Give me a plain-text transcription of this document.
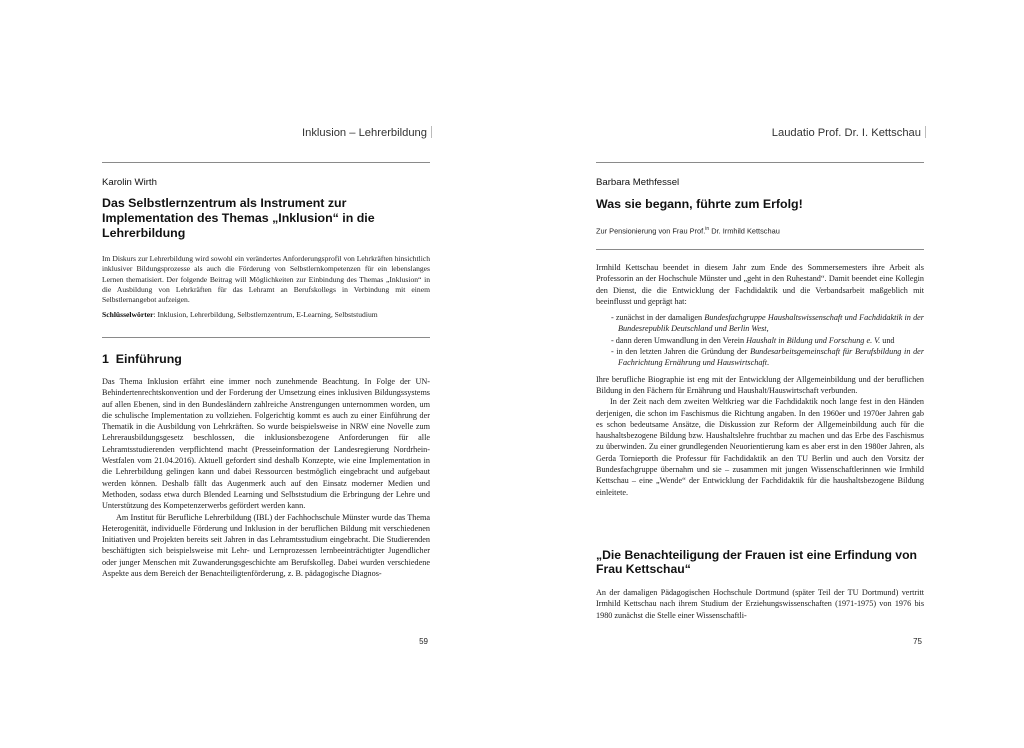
Inklusion – Lehrerbildung
Karolin Wirth
Das Selbstlernzentrum als Instrument zur Implementation des Themas „Inklusion“ in die Lehrerbildung

Im Diskurs zur Lehrerbildung wird sowohl ein verändertes Anforderungsprofil von Lehrkräften hinsichtlich inklusiver Bildungsprozesse als auch die Förderung von Selbstlernkompetenzen für ein lebenslanges Lernen thematisiert. Der folgende Beitrag will Möglichkeiten zur Einbindung des Themas „Inklusion“ in die Ausbildung von Lehrkräften für das Lehramt an Berufskollegs in Verbindung mit einem Selbstlernangebot aufzeigen.

Schlüsselwörter: Inklusion, Lehrerbildung, Selbstlernzentrum, E-Learning, Selbststudium
1  Einführung

Das Thema Inklusion erfährt eine immer noch zunehmende Beachtung. In Folge der UN-Behindertenrechtskonvention und der Forderung der Umsetzung eines inklusiven Bildungssystems auf allen Ebenen, sind in den Bundesländern zahlreiche Anstrengungen unternommen worden, um die schulische Implementation zu vollziehen. Folgerichtig kommt es auch zu einer Einführung der Thematik in die Ausbildung von Lehrkräften. So wurde beispielsweise in NRW eine Novelle zum Lehrerausbildungsgesetz beschlossen, die inklusionsbezogene Anforderungen für alle Lehramtsstudierenden verpflichtend macht (Presseinformation der Landesregierung Nordrhein-Westfalen vom 21.04.2016). Aktuell gefordert sind deshalb Konzepte, wie eine Implementation in die Lehrerbildung gelingen kann und dabei Ressourcen bestmöglich eingebracht und aufgebaut werden können. Deshalb fällt das Augenmerk auch auf den Einsatz moderner Medien und Methoden, sodass etwa durch Blended Learning und Selbststudium die Erbringung der Lehre und Unterstützung des Kompetenzerwerbs gefördert werden kann.

Am Institut für Berufliche Lehrerbildung (IBL) der Fachhochschule Münster wurde das Thema Heterogenität, individuelle Förderung und Inklusion in der beruflichen Bildung mit verschiedenen Initiativen und Projekten bereits seit Jahren in das Lehramtsstudium eingebracht. Die Studierenden beschäftigten sich beispielsweise mit Lehr- und Lernprozessen lernbeeinträchtigter Jugendlicher oder junger Menschen mit Zuwanderungsgeschichte am Berufskolleg. Dabei wurden verschiedene Aspekte aus dem Bereich der Benachteiligtenförderung, z. B. pädagogische Diagnos-

59
Laudatio Prof. Dr. I. Kettschau
Barbara Methfessel
Was sie begann, führte zum Erfolg!
Zur Pensionierung von Frau Prof.$^{in}$ Dr. Irmhild Kettschau

Irmhild Kettschau beendet in diesem Jahr zum Ende des Sommersemesters ihre Arbeit als Professorin an der Hochschule Münster und „geht in den Ruhestand“. Damit beendet eine Kollegin den Dienst, die die Entwicklung der Fachdidaktik und die Verbandsarbeit maßgeblich mit beeinflusst und geprägt hat:

- zunächst in der damaligen Bundesfachgruppe Haushaltswissenschaft und Fachdidaktik in der Bundesrepublik Deutschland und Berlin West,
- dann deren Umwandlung in den Verein Haushalt in Bildung und Forschung e. V. und
- in den letzten Jahren die Gründung der Bundesarbeitsgemeinschaft für Berufsbildung in der Fachrichtung Ernährung und Hauswirtschaft.

Ihre berufliche Biographie ist eng mit der Entwicklung der Allgemeinbildung und der beruflichen Bildung in den Fächern für Ernährung und Haushalt/Hauswirtschaft verbunden.

In der Zeit nach dem zweiten Weltkrieg war die Fachdidaktik noch lange fest in den Händen derjenigen, die schon im Faschismus die Richtung angaben. In den 1960er und 1970er Jahren gab es schon bedeutsame Ansätze, die Diskussion zur Reform der Allgemeinbildung auch für die haushaltsbezogene Bildung bzw. Haushaltslehre fruchtbar zu machen und das Erbe des Faschismus zu überwinden. Zu einer grundlegenden Neuorientierung kam es aber erst in den 1980er Jahren, als Gerda Tornieporth die Professur für Fachdidaktik an den TU Berlin und auch den Vorsitz der Bundesfachgruppe übernahm und sie – zusammen mit jungen Wissenschaftlerinnen wie Irmhild Kettschau – eine „Wende“ der Entwicklung der Fachdidaktik für die haushaltsbezogene Bildung einleitete.

„Die Benachteiligung der Frauen ist eine Erfindung von Frau Kettschau“

An der damaligen Pädagogischen Hochschule Dortmund (später Teil der TU Dortmund) vertritt Irmhild Kettschau nach ihrem Studium der Erziehungswissenschaften (1971-1975) von 1976 bis 1980 zunächst die Stelle einer Wissenschaftli-

75
